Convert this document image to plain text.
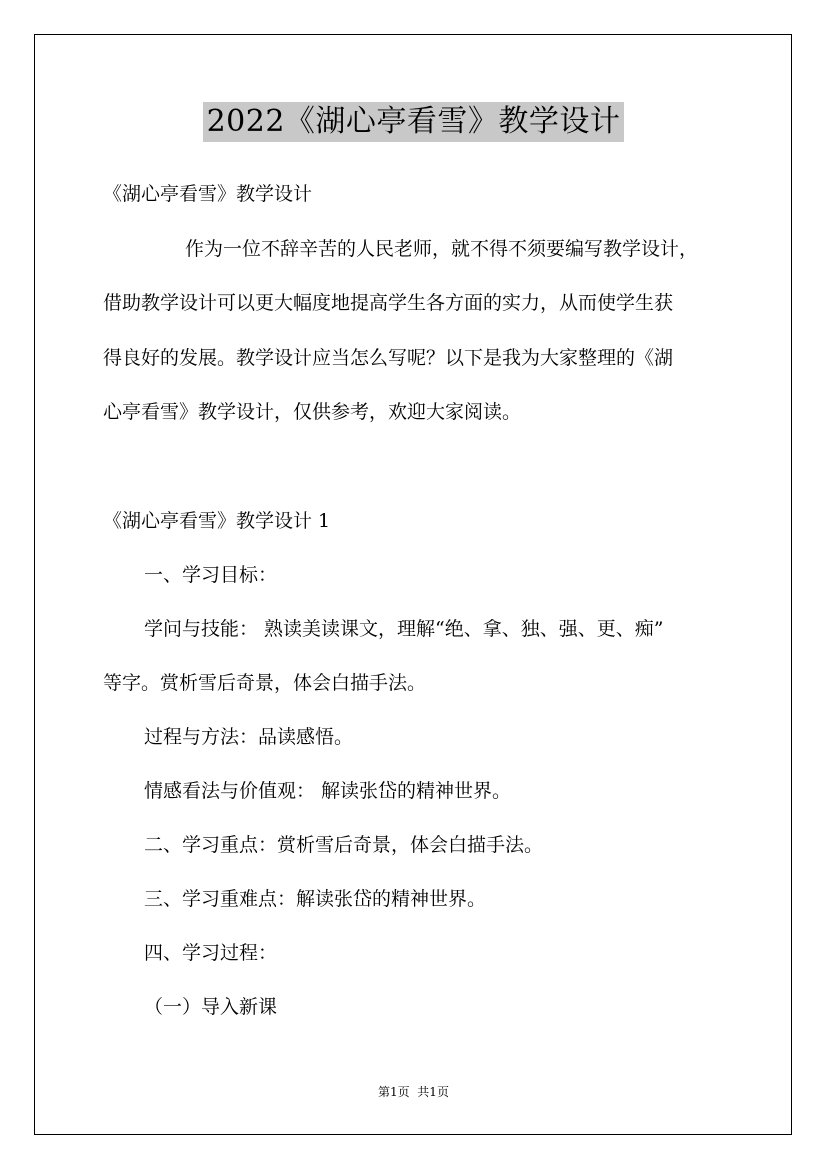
2022《湖心亭看雪》教学设计
《湖心亭看雪》教学设计
作为一位不辞辛苦的人民老师，就不得不须要编写教学设计，
借助教学设计可以更大幅度地提高学生各方面的实力，从而使学生获
得良好的发展。教学设计应当怎么写呢？以下是我为大家整理的《湖
心亭看雪》教学设计，仅供参考，欢迎大家阅读。
《湖心亭看雪》教学设计 1
一、学习目标：
学问与技能： 熟读美读课文，理解“绝、拿、独、强、更、痴”
等字。赏析雪后奇景，体会白描手法。
过程与方法：品读感悟。
情感看法与价值观： 解读张岱的精神世界。
二、学习重点：赏析雪后奇景，体会白描手法。
三、学习重难点：解读张岱的精神世界。
四、学习过程：
（一）导入新课
第1页  共1页
